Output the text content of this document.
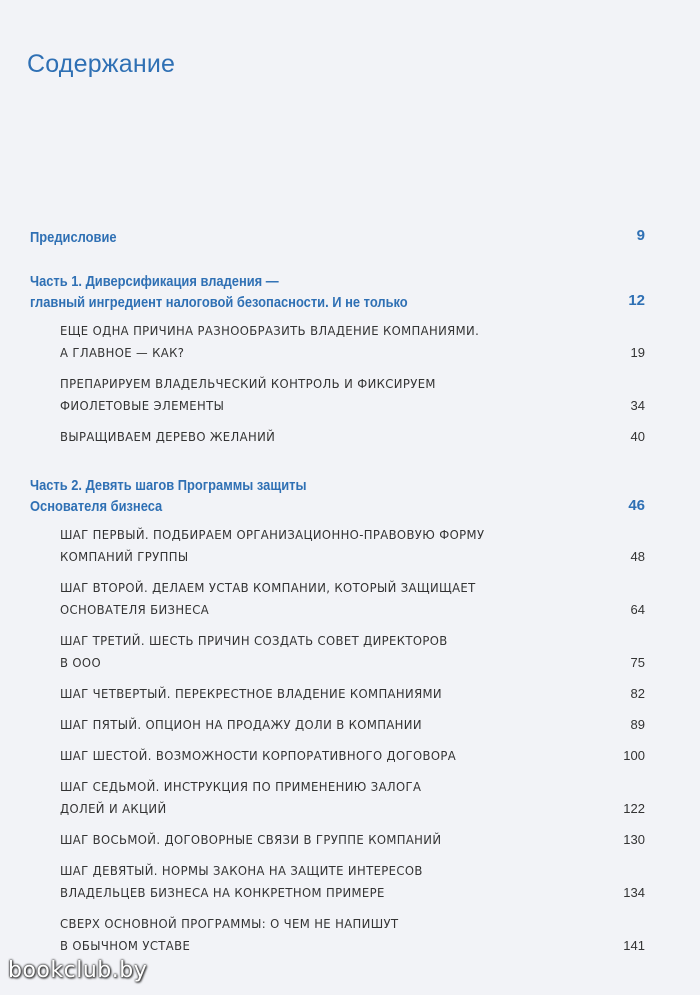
Содержание
Предисловие	9
Часть 1. Диверсификация владения —
главный ингредиент налоговой безопасности. И не только	12
ЕЩЕ ОДНА ПРИЧИНА РАЗНООБРАЗИТЬ ВЛАДЕНИЕ КОМПАНИЯМИ.
А ГЛАВНОЕ — КАК?	19
ПРЕПАРИРУЕМ ВЛАДЕЛЬЧЕСКИЙ КОНТРОЛЬ И ФИКСИРУЕМ
ФИОЛЕТОВЫЕ ЭЛЕМЕНТЫ	34
ВЫРАЩИВАЕМ ДЕРЕВО ЖЕЛАНИЙ	40
Часть 2. Девять шагов Программы защиты
Основателя бизнеса	46
ШАГ ПЕРВЫЙ. ПОДБИРАЕМ ОРГАНИЗАЦИОННО-ПРАВОВУЮ ФОРМУ
КОМПАНИЙ ГРУППЫ	48
ШАГ ВТОРОЙ. ДЕЛАЕМ УСТАВ КОМПАНИИ, КОТОРЫЙ ЗАЩИЩАЕТ
ОСНОВАТЕЛЯ БИЗНЕСА	64
ШАГ ТРЕТИЙ. ШЕСТЬ ПРИЧИН СОЗДАТЬ СОВЕТ ДИРЕКТОРОВ
В ООО	75
ШАГ ЧЕТВЕРТЫЙ. ПЕРЕКРЕСТНОЕ ВЛАДЕНИЕ КОМПАНИЯМИ	82
ШАГ ПЯТЫЙ. ОПЦИОН НА ПРОДАЖУ ДОЛИ В КОМПАНИИ	89
ШАГ ШЕСТОЙ. ВОЗМОЖНОСТИ КОРПОРАТИВНОГО ДОГОВОРА	100
ШАГ СЕДЬМОЙ. ИНСТРУКЦИЯ ПО ПРИМЕНЕНИЮ ЗАЛОГА
ДОЛЕЙ И АКЦИЙ	122
ШАГ ВОСЬМОЙ. ДОГОВОРНЫЕ СВЯЗИ В ГРУППЕ КОМПАНИЙ	130
ШАГ ДЕВЯТЫЙ. НОРМЫ ЗАКОНА НА ЗАЩИТЕ ИНТЕРЕСОВ
ВЛАДЕЛЬЦЕВ БИЗНЕСА НА КОНКРЕТНОМ ПРИМЕРЕ	134
СВЕРХ ОСНОВНОЙ ПРОГРАММЫ: О ЧЕМ НЕ НАПИШУТ
В ОБЫЧНОМ УСТАВЕ	141
bookclub.by
